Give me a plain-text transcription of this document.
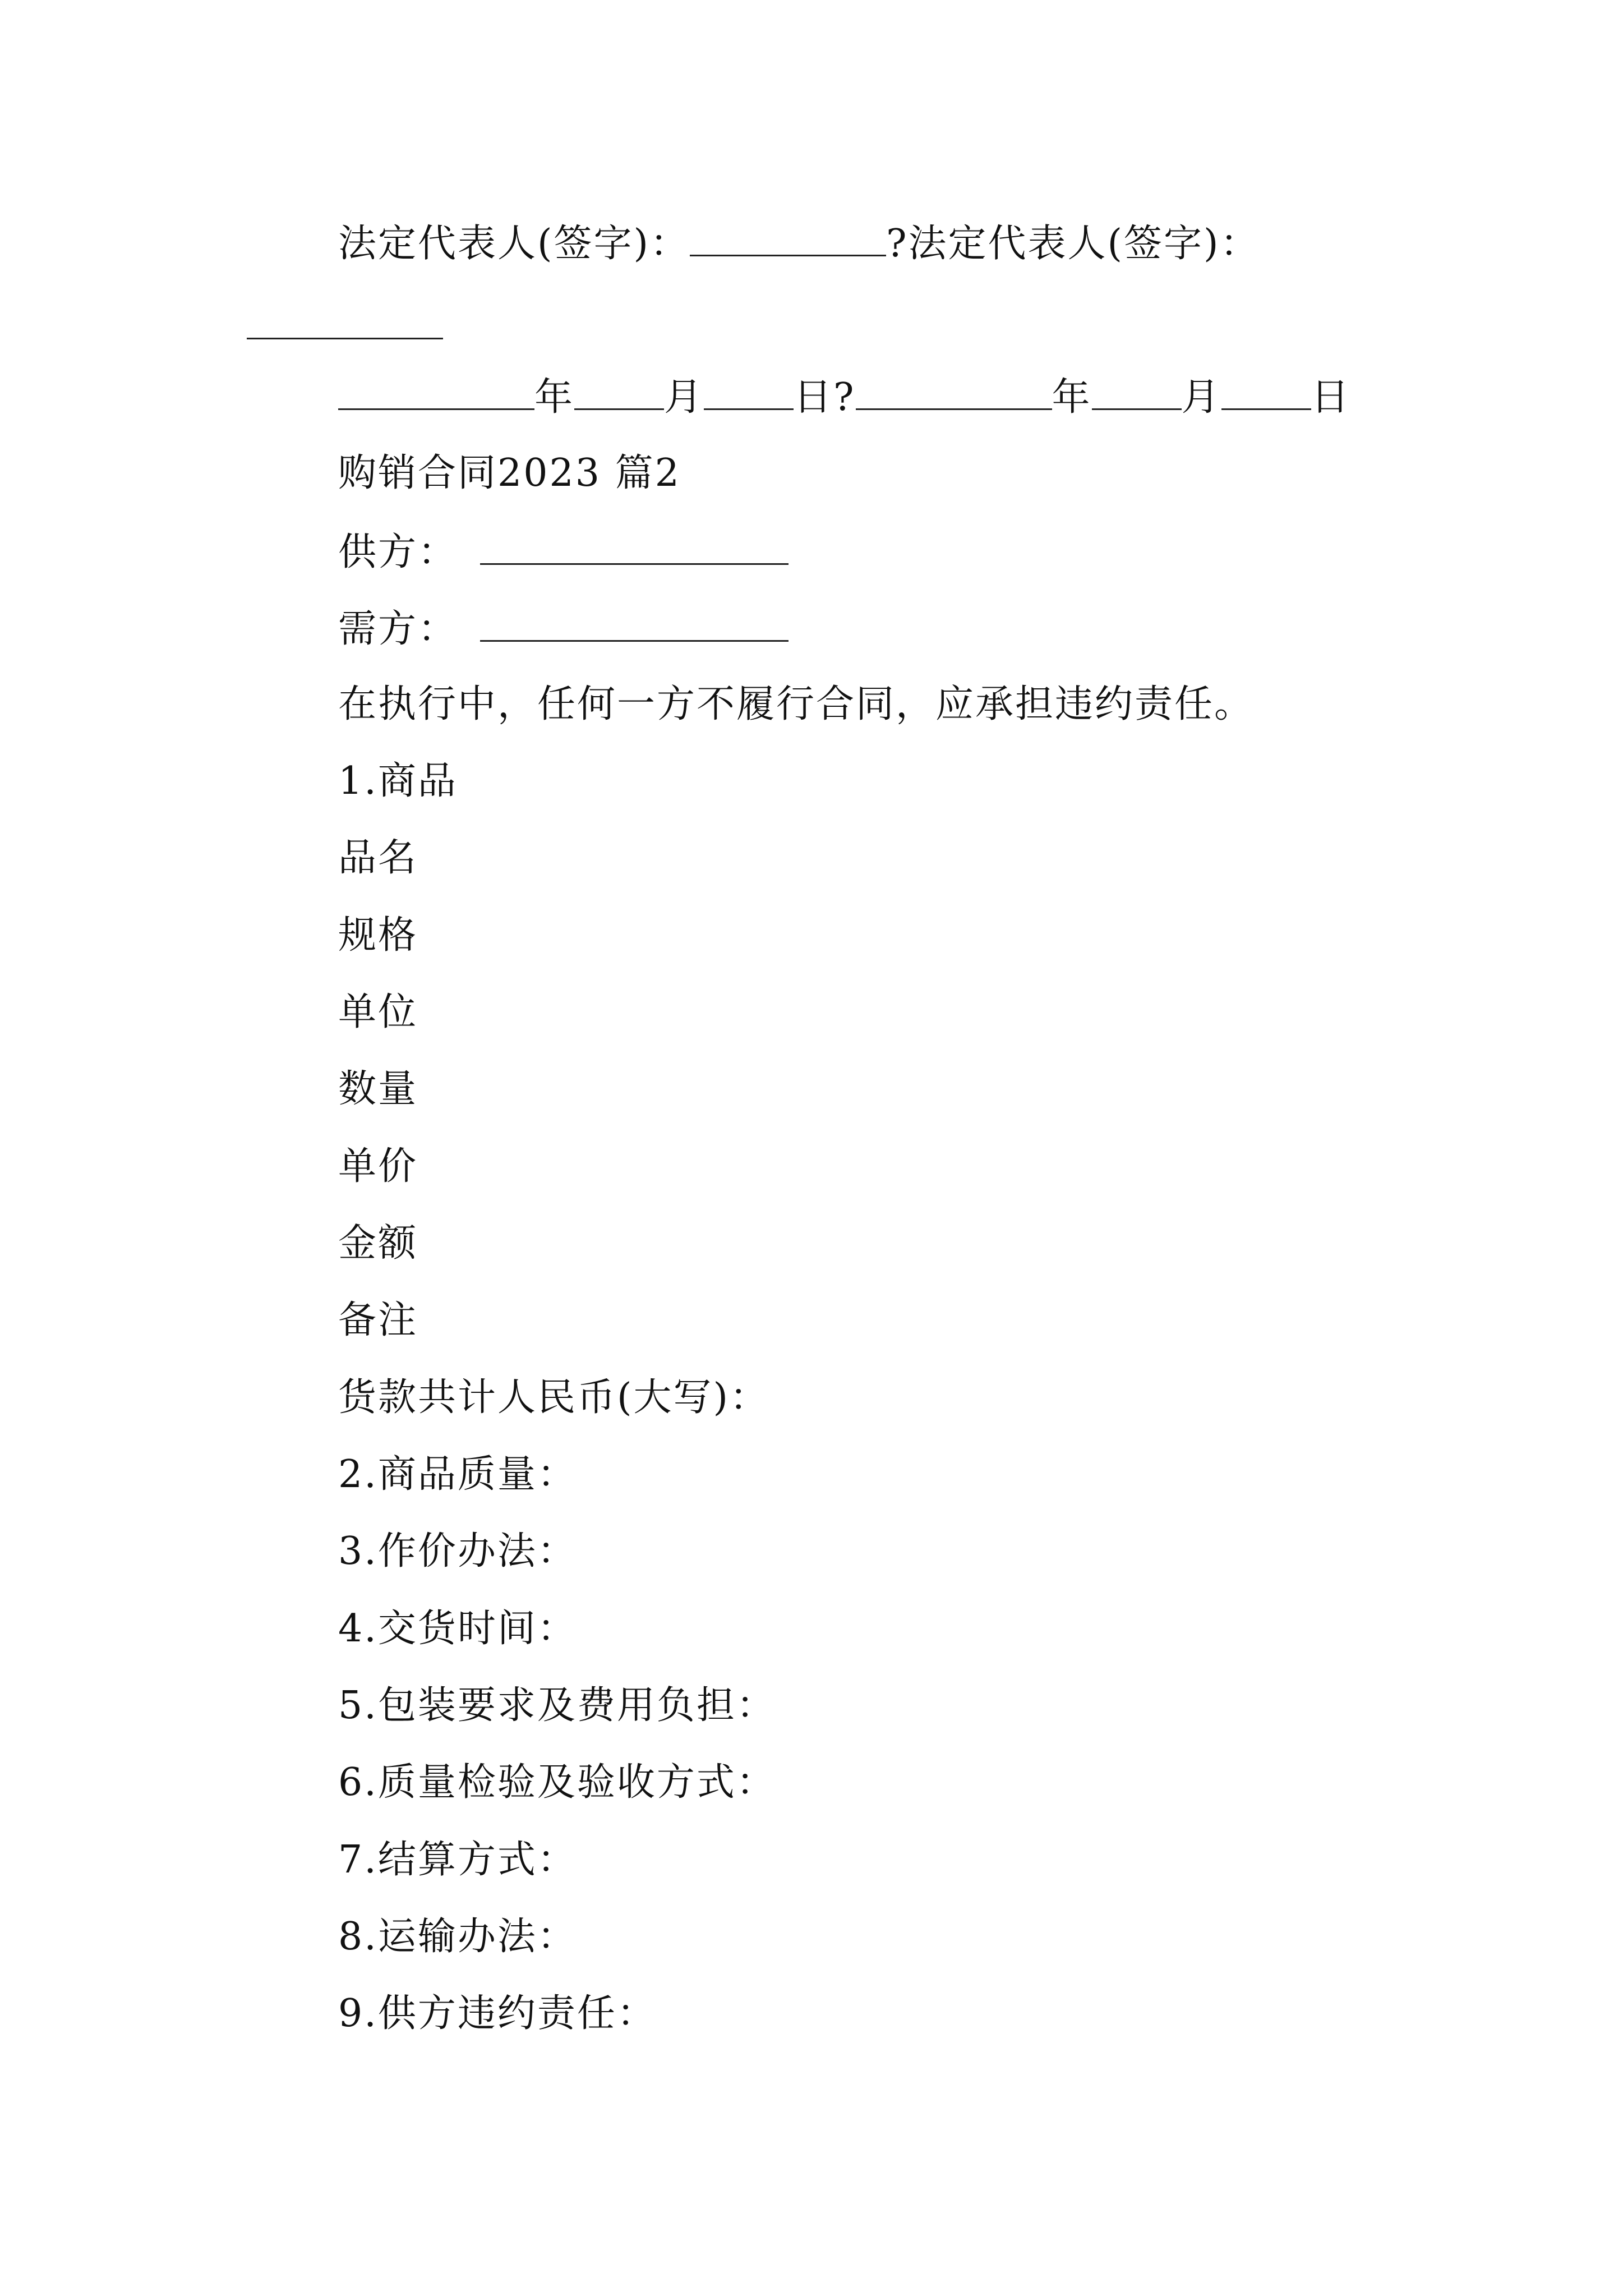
法定代表人(签字)：	?法定代表人(签字)：
年 月 日?	年 月 日
购销合同2023 篇2
供方：
需方：
在执行中，任何一方不履行合同，应承担违约责任。
1.商品
品名
规格
单位
数量
单价
金额
备注
货款共计人民币(大写)：
2.商品质量：
3.作价办法：
4.交货时间：
5.包装要求及费用负担：
6.质量检验及验收方式：
7.结算方式：
8.运输办法：
9.供方违约责任：
